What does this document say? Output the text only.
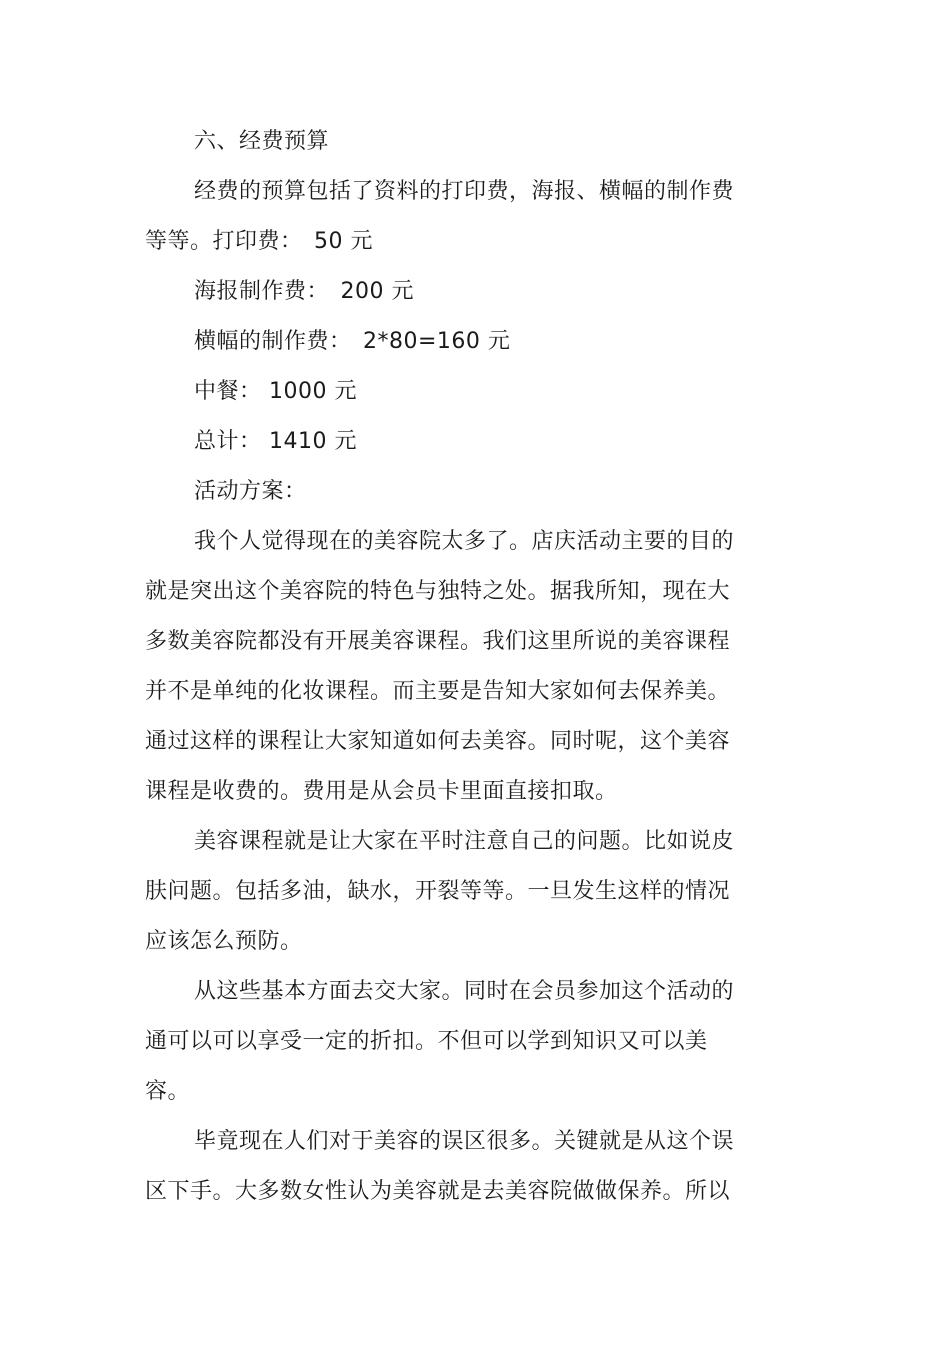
六、经费预算
经费的预算包括了资料的打印费，海报、横幅的制作费
等等。打印费：　50 元
海报制作费：　200 元
横幅的制作费：　2*80=160 元
中餐： 1000 元
总计： 1410 元
活动方案：
我个人觉得现在的美容院太多了。店庆活动主要的目的
就是突出这个美容院的特色与独特之处。据我所知，现在大
多数美容院都没有开展美容课程。我们这里所说的美容课程
并不是单纯的化妆课程。而主要是告知大家如何去保养美。
通过这样的课程让大家知道如何去美容。同时呢，这个美容
课程是收费的。费用是从会员卡里面直接扣取。
美容课程就是让大家在平时注意自己的问题。比如说皮
肤问题。包括多油，缺水，开裂等等。一旦发生这样的情况
应该怎么预防。
从这些基本方面去交大家。同时在会员参加这个活动的
通可以可以享受一定的折扣。不但可以学到知识又可以美
容。
毕竟现在人们对于美容的误区很多。关键就是从这个误
区下手。大多数女性认为美容就是去美容院做做保养。所以
